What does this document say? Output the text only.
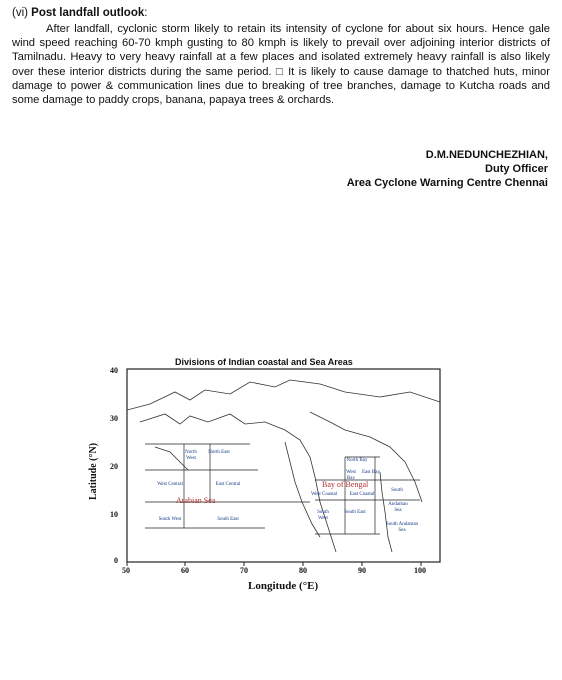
(vi) Post landfall outlook:
After landfall, cyclonic storm likely to retain its intensity of cyclone for about six hours. Hence gale wind speed reaching 60-70 kmph gusting to 80 kmph is likely to prevail over adjoining interior districts of Tamilnadu. Heavy to very heavy rainfall at a few places and isolated extremely heavy rainfall is also likely over these interior districts during the same period. □ It is likely to cause damage to thatched huts, minor damage to power & communication lines due to breaking of tree branches, damage to Kutcha roads and some damage to paddy crops, banana, papaya trees & orchards.
D.M.NEDUNCHEZHIAN,
Duty Officer
Area Cyclone Warning Centre Chennai
Divisions of Indian coastal and Sea Areas
40
30
20
10
0
50	60	70	80	90	100
Latitude (°N)
Longitude (°E)
North West
North East
West Central	East Central
South West	South East
Arabian Sea
North Bay
West Bay
East Bay
Bay of Bengal
West Coastal	East Coastal
South West
South East
South
Andaman Sea
South Andaman Sea
